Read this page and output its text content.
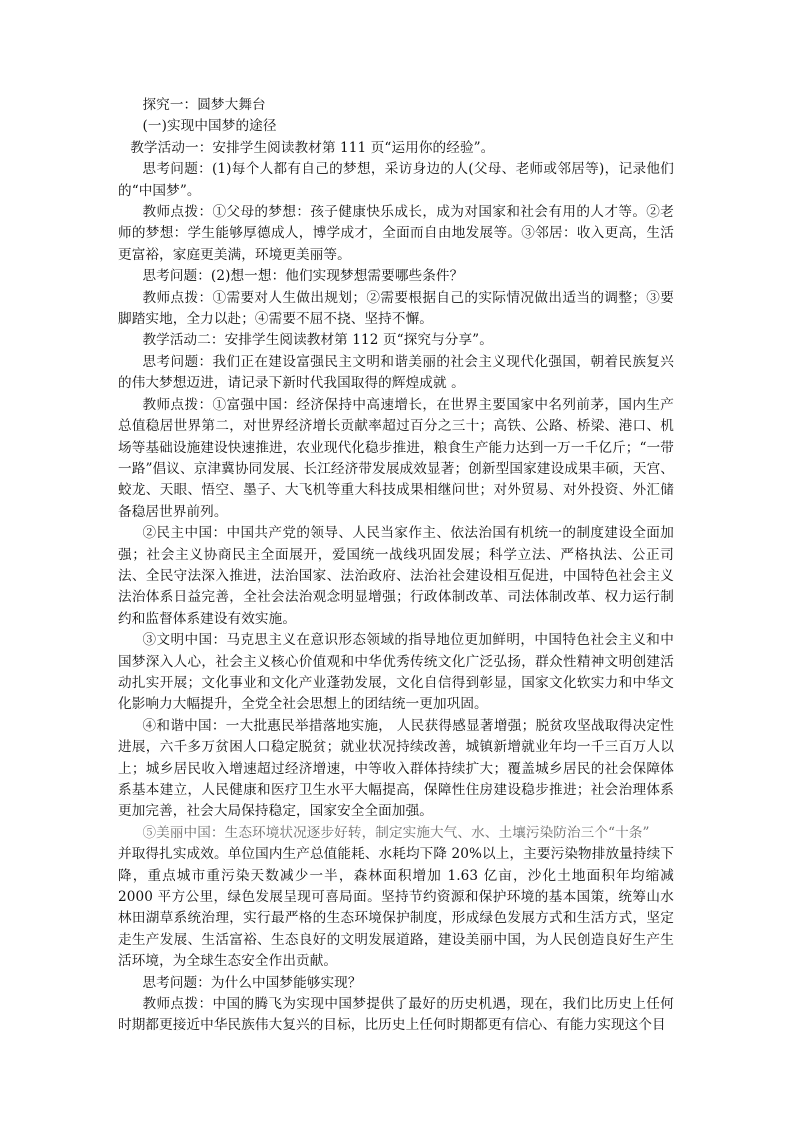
探究一：圆梦大舞台

(一)实现中国梦的途径

教学活动一：安排学生阅读教材第 111 页“运用你的经验”。

思考问题：(1)每个人都有自己的梦想，采访身边的人(父母、老师或邻居等)，记录他们的“中国梦”。

教师点拨：①父母的梦想：孩子健康快乐成长，成为对国家和社会有用的人才等。②老师的梦想：学生能够厚德成人，博学成才，全面而自由地发展等。③邻居：收入更高，生活更富裕，家庭更美满，环境更美丽等。

思考问题：(2)想一想：他们实现梦想需要哪些条件？

教师点拨：①需要对人生做出规划；②需要根据自己的实际情况做出适当的调整；③要脚踏实地，全力以赴；④需要不屈不挠、坚持不懈。

教学活动二：安排学生阅读教材第 112 页“探究与分享”。

思考问题：我们正在建设富强民主文明和谐美丽的社会主义现代化强国，朝着民族复兴的伟大梦想迈进，请记录下新时代我国取得的辉煌成就 。

教师点拨：①富强中国：经济保持中高速增长，在世界主要国家中名列前茅，国内生产总值稳居世界第二，对世界经济增长贡献率超过百分之三十；高铁、公路、桥梁、港口、机场等基础设施建设快速推进，农业现代化稳步推进，粮食生产能力达到一万一千亿斤；“一带一路”倡议、京津冀协同发展、长江经济带发展成效显著；创新型国家建设成果丰硕，天宫、蛟龙、天眼、悟空、墨子、大飞机等重大科技成果相继问世；对外贸易、对外投资、外汇储备稳居世界前列。

②民主中国：中国共产党的领导、人民当家作主、依法治国有机统一的制度建设全面加强；社会主义协商民主全面展开，爱国统一战线巩固发展；科学立法、严格执法、公正司法、全民守法深入推进，法治国家、法治政府、法治社会建设相互促进，中国特色社会主义法治体系日益完善，全社会法治观念明显增强；行政体制改革、司法体制改革、权力运行制约和监督体系建设有效实施。

③文明中国：马克思主义在意识形态领域的指导地位更加鲜明，中国特色社会主义和中国梦深入人心，社会主义核心价值观和中华优秀传统文化广泛弘扬，群众性精神文明创建活动扎实开展；文化事业和文化产业蓬勃发展，文化自信得到彰显，国家文化软实力和中华文化影响力大幅提升，全党全社会思想上的团结统一更加巩固。

④和谐中国：一大批惠民举措落地实施， 人民获得感显著增强；脱贫攻坚战取得决定性进展，六千多万贫困人口稳定脱贫；就业状况持续改善，城镇新增就业年均一千三百万人以上；城乡居民收入增速超过经济增速，中等收入群体持续扩大；覆盖城乡居民的社会保障体系基本建立，人民健康和医疗卫生水平大幅提高，保障性住房建设稳步推进；社会治理体系更加完善，社会大局保持稳定，国家安全全面加强。

⑤美丽中国：生态环境状况逐步好转，制定实施大气、水、土壤污染防治三个“十条”

并取得扎实成效。单位国内生产总值能耗、水耗均下降 20%以上，主要污染物排放量持续下降，重点城市重污染天数减少一半，森林面积增加 1.63 亿亩，沙化土地面积年均缩减 2000 平方公里，绿色发展呈现可喜局面。坚持节约资源和保护环境的基本国策，统筹山水林田湖草系统治理，实行最严格的生态环境保护制度，形成绿色发展方式和生活方式，坚定走生产发展、生活富裕、生态良好的文明发展道路，建设美丽中国，为人民创造良好生产生活环境，为全球生态安全作出贡献。

思考问题：为什么中国梦能够实现？

教师点拨：中国的腾飞为实现中国梦提供了最好的历史机遇，现在，我们比历史上任何时期都更接近中华民族伟大复兴的目标，比历史上任何时期都更有信心、有能力实现这个目
